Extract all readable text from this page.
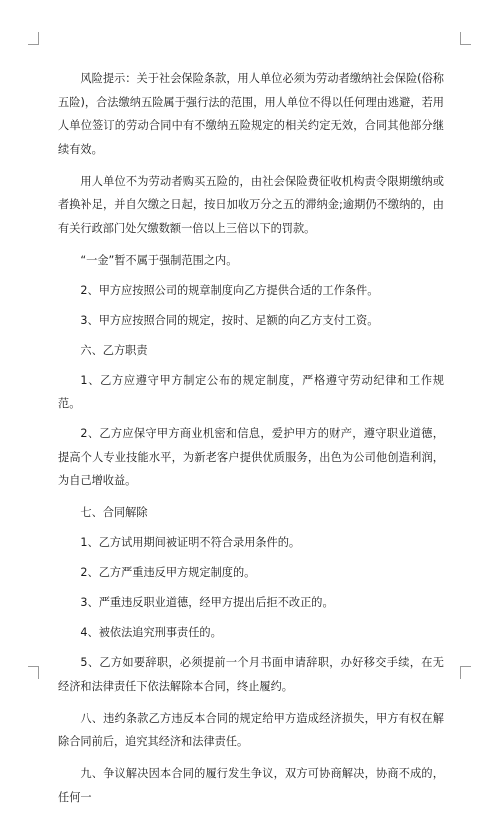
风险提示：关于社会保险条款，用人单位必须为劳动者缴纳社会保险(俗称五险)，合法缴纳五险属于强行法的范围，用人单位不得以任何理由逃避，若用人单位签订的劳动合同中有不缴纳五险规定的相关约定无效，合同其他部分继续有效。

用人单位不为劳动者购买五险的，由社会保险费征收机构责令限期缴纳或者换补足，并自欠缴之日起，按日加收万分之五的滞纳金;逾期仍不缴纳的，由有关行政部门处欠缴数额一倍以上三倍以下的罚款。

“一金”暂不属于强制范围之内。

2、甲方应按照公司的规章制度向乙方提供合适的工作条件。

3、甲方应按照合同的规定，按时、足额的向乙方支付工资。

六、乙方职责

1、乙方应遵守甲方制定公布的规定制度，严格遵守劳动纪律和工作规范。

2、乙方应保守甲方商业机密和信息，爱护甲方的财产，遵守职业道德，提高个人专业技能水平，为新老客户提供优质服务，出色为公司他创造利润，为自己增收益。

七、合同解除

1、乙方试用期间被证明不符合录用条件的。

2、乙方严重违反甲方规定制度的。

3、严重违反职业道德，经甲方提出后拒不改正的。

4、被依法追究刑事责任的。

5、乙方如要辞职，必须提前一个月书面申请辞职，办好移交手续，在无经济和法律责任下依法解除本合同，终止履约。

八、违约条款乙方违反本合同的规定给甲方造成经济损失，甲方有权在解除合同前后，追究其经济和法律责任。

九、争议解决因本合同的履行发生争议，双方可协商解决，协商不成的，任何一
